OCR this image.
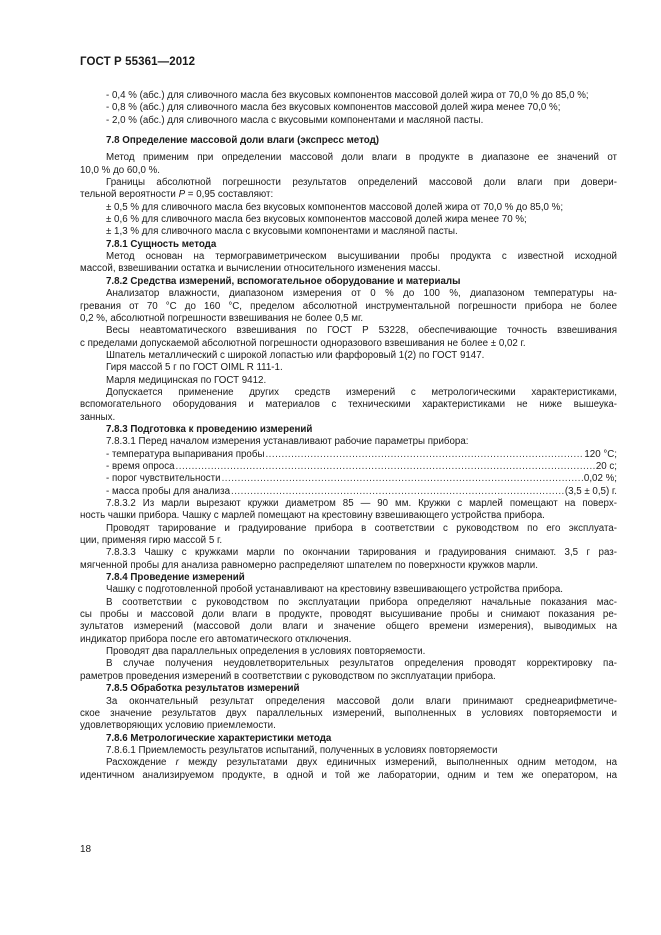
ГОСТ Р 55361—2012

- 0,4 % (абс.) для сливочного масла без вкусовых компонентов массовой долей жира от 70,0 % до 85,0 %;

- 0,8 % (абс.) для сливочного масла без вкусовых компонентов массовой долей жира менее 70,0 %;

- 2,0 % (абс.) для сливочного масла с вкусовыми компонентами и масляной пасты.

7.8 Определение массовой доли влаги (экспресс метод)

Метод применим при определении массовой доли влаги в продукте в диапазоне ее значений от

10,0 % до 60,0 %.

Границы абсолютной погрешности результатов определений массовой доли влаги при довери-

тельной вероятности P = 0,95 составляют:

± 0,5 % для сливочного масла без вкусовых компонентов массовой долей жира от 70,0 % до 85,0 %;

± 0,6 % для сливочного масла без вкусовых компонентов массовой долей жира менее 70 %;

± 1,3 % для сливочного масла с вкусовыми компонентами и масляной пасты.

7.8.1 Сущность метода

Метод основан на термогравиметрическом высушивании пробы продукта с известной исходной

массой, взвешивании остатка и вычислении относительного изменения массы.

7.8.2 Средства измерений, вспомогательное оборудование и материалы

Анализатор влажности, диапазоном измерения от 0 % до 100 %, диапазоном температуры на-

гревания от 70 °С до 160 °С, пределом абсолютной инструментальной погрешности прибора не более

0,2 %, абсолютной погрешности взвешивания не более 0,5 мг.

Весы неавтоматического взвешивания по ГОСТ Р 53228, обеспечивающие точность взвешивания

с пределами допускаемой абсолютной погрешности одноразового взвешивания не более ± 0,02 г.

Шпатель металлический с широкой лопастью или фарфоровый 1(2) по ГОСТ 9147.

Гиря массой 5 г по ГОСТ OIML R 111-1.

Марля медицинская по ГОСТ 9412.

Допускается применение других средств измерений с метрологическими характеристиками,

вспомогательного оборудования и материалов с техническими характеристиками не ниже вышеука-

занных.

7.8.3 Подготовка к проведению измерений

7.8.3.1 Перед началом измерения устанавливают рабочие параметры прибора:

- температура выпаривания пробы .....	120 °С;
- время опроса .....	20 с;
- порог чувствительности .....	0,02 %;
- масса пробы для анализа .....	(3,5 ± 0,5) г.

7.8.3.2 Из марли вырезают кружки диаметром 85 — 90 мм. Кружки с марлей помещают на поверх-

ность чашки прибора. Чашку с марлей помещают на крестовину взвешивающего устройства прибора.

Проводят тарирование и градуирование прибора в соответствии с руководством по его эксплуата-

ции, применяя гирю массой 5 г.

7.8.3.3 Чашку с кружками марли по окончании тарирования и градуирования снимают. 3,5 г раз-

мягченной пробы для анализа равномерно распределяют шпателем по поверхности кружков марли.

7.8.4 Проведение измерений

Чашку с подготовленной пробой устанавливают на крестовину взвешивающего устройства прибора.

В соответствии с руководством по эксплуатации прибора определяют начальные показания мас-

сы пробы и массовой доли влаги в продукте, проводят высушивание пробы и снимают показания ре-

зультатов измерений (массовой доли влаги и значение общего времени измерения), выводимых на

индикатор прибора после его автоматического отключения.

Проводят два параллельных определения в условиях повторяемости.

В случае получения неудовлетворительных результатов определения проводят корректировку па-

раметров проведения измерений в соответствии с руководством по эксплуатации прибора.

7.8.5 Обработка результатов измерений

За окончательный результат определения массовой доли влаги принимают среднеарифметиче-

ское значение результатов двух параллельных измерений, выполненных в условиях повторяемости и

удовлетворяющих условию приемлемости.

7.8.6 Метрологические характеристики метода

7.8.6.1 Приемлемость результатов испытаний, полученных в условиях повторяемости

Расхождение r между результатами двух единичных измерений, выполненных одним методом, на

идентичном анализируемом продукте, в одной и той же лаборатории, одним и тем же оператором, на

18
